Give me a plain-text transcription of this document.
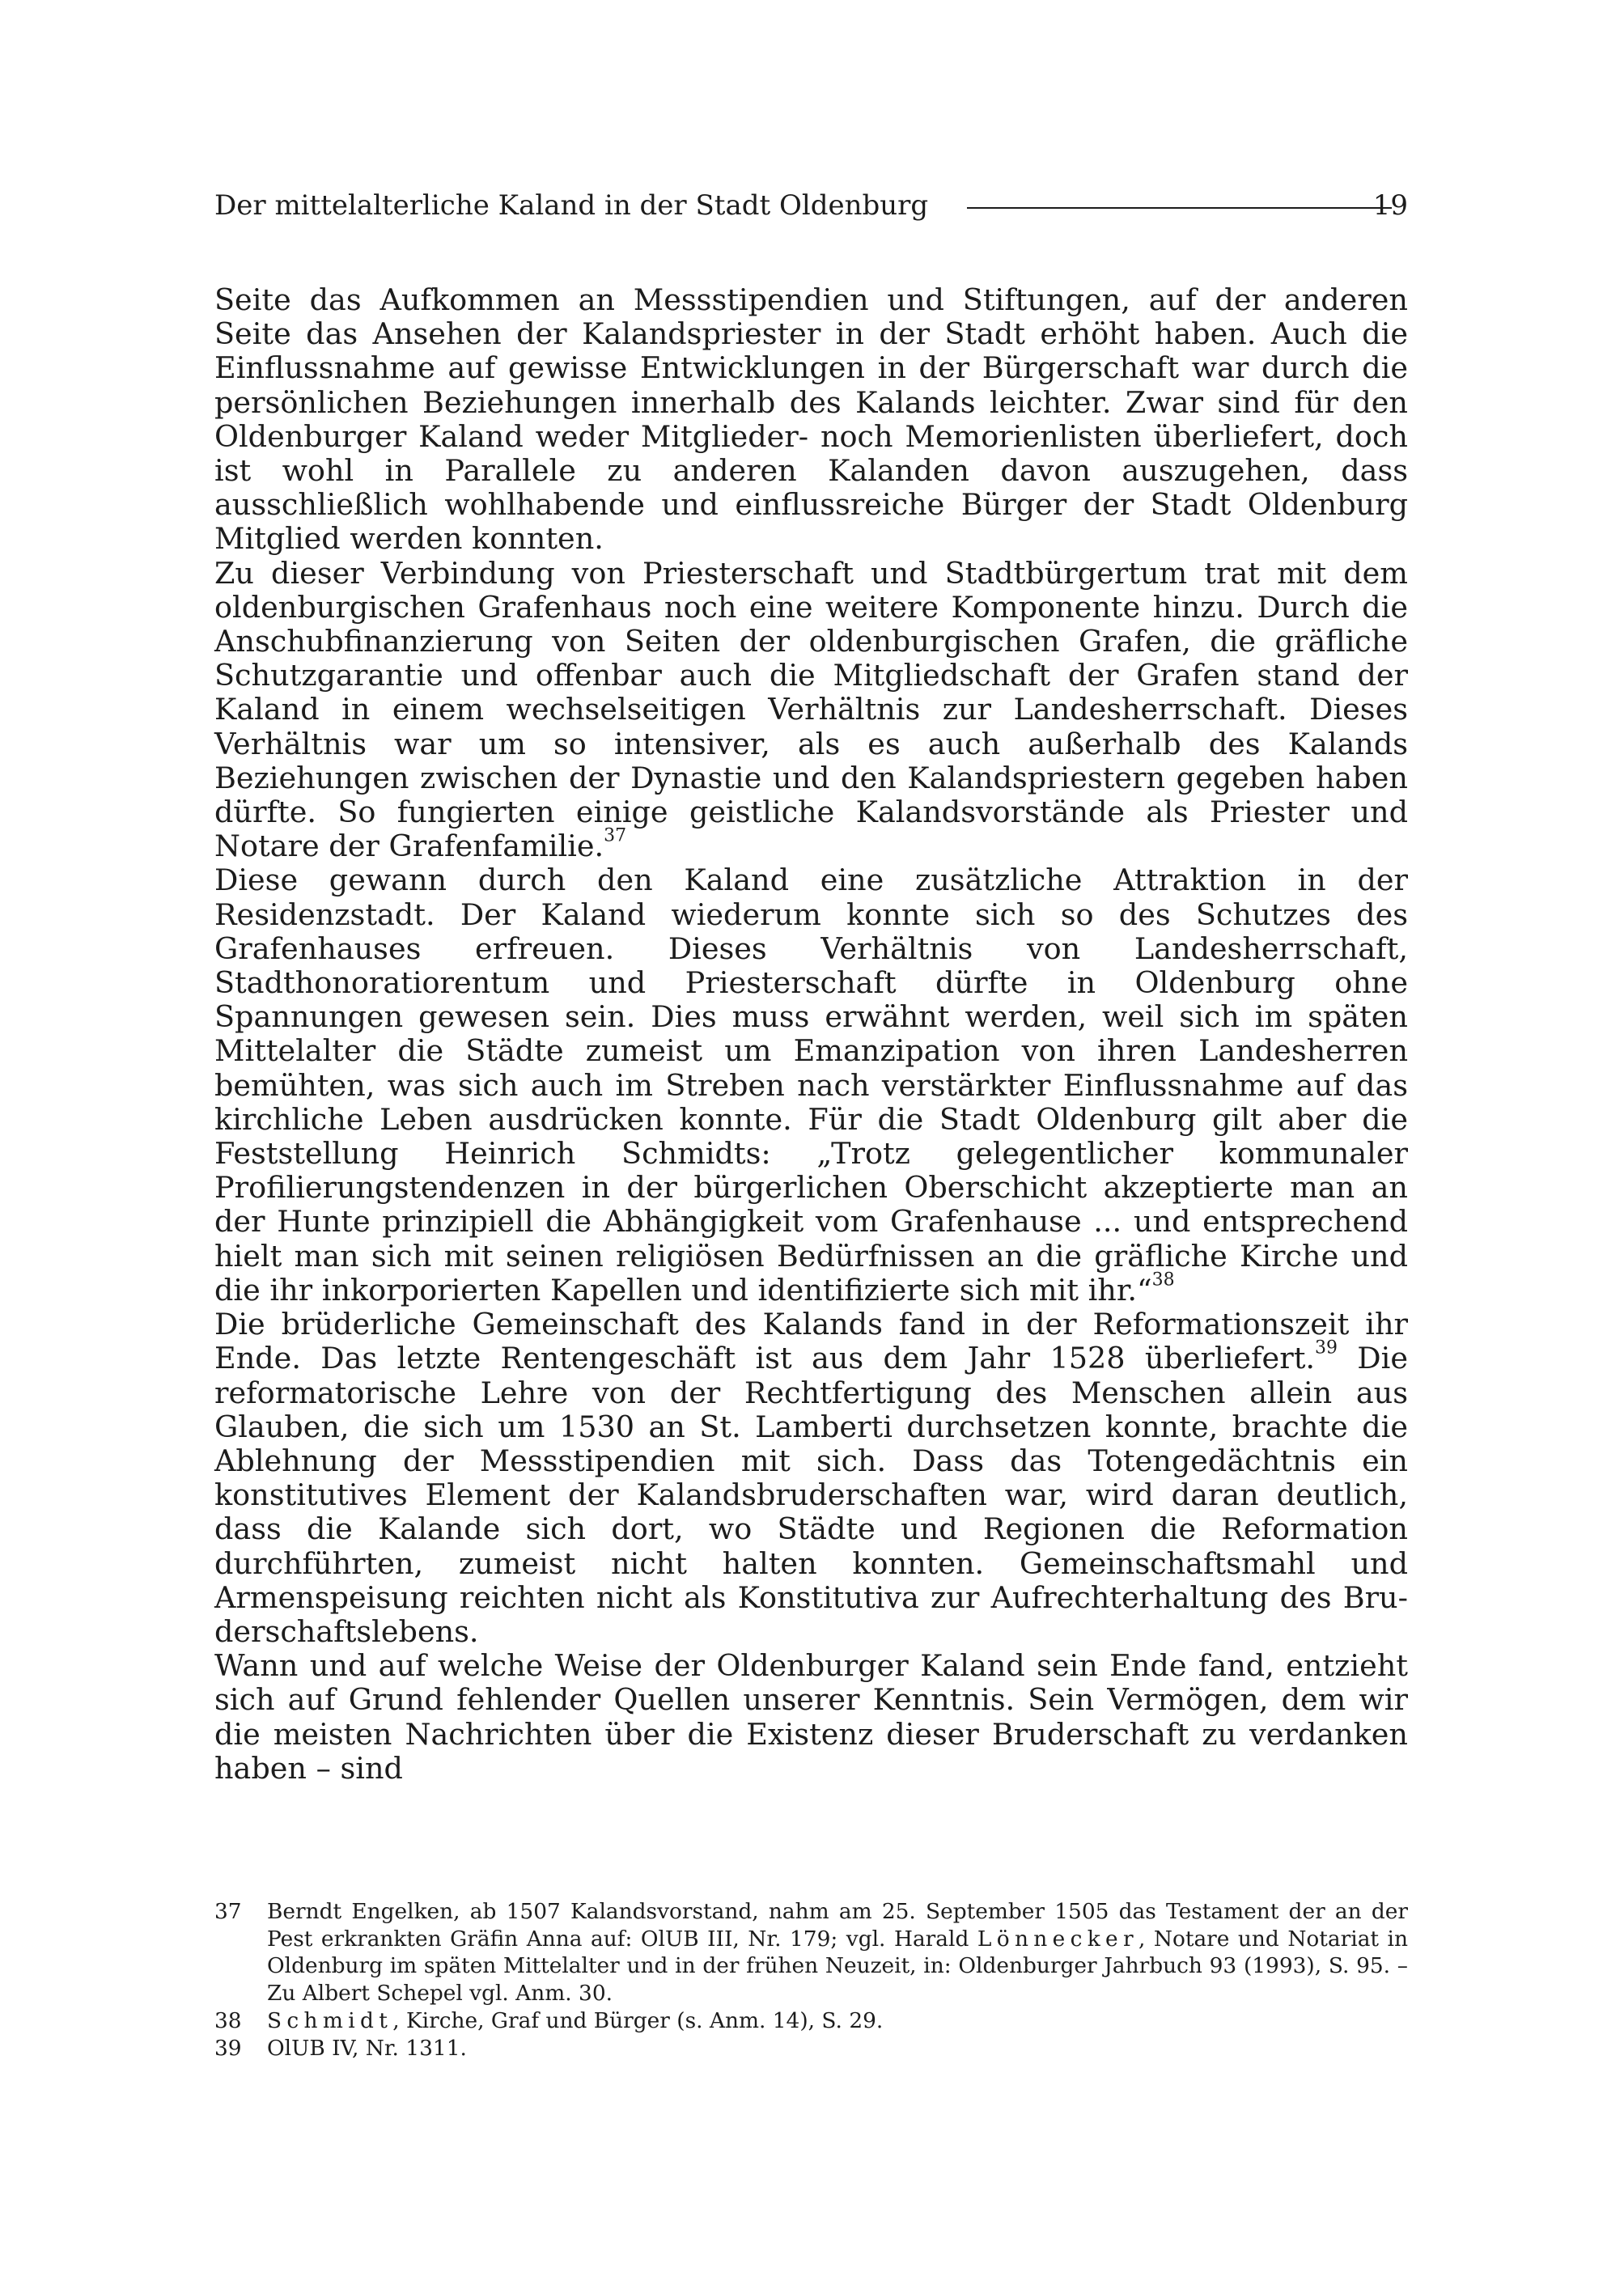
Der mittelalterliche Kaland in der Stadt Oldenburg	19

Seite das Aufkommen an Messstipendien und Stiftungen, auf der anderen Seite das Ansehen der Kalandspriester in der Stadt erhöht haben. Auch die Einflussnahme auf gewisse Entwicklungen in der Bürgerschaft war durch die persönlichen Beziehungen innerhalb des Kalands leichter. Zwar sind für den Oldenburger Kaland weder Mitglieder- noch Memorienlisten überliefert, doch ist wohl in Parallele zu anderen Kalanden davon auszugehen, dass ausschließlich wohlhabende und einflussreiche Bürger der Stadt Oldenburg Mitglied werden konnten.

Zu dieser Verbindung von Priesterschaft und Stadtbürgertum trat mit dem oldenburgischen Grafenhaus noch eine weitere Komponente hinzu. Durch die Anschubfinanzierung von Seiten der oldenburgischen Grafen, die gräfliche Schutzgarantie und offenbar auch die Mitgliedschaft der Grafen stand der Kaland in einem wechselseitigen Verhältnis zur Landesherrschaft. Dieses Verhältnis war um so intensiver, als es auch außerhalb des Kalands Beziehungen zwischen der Dynastie und den Kalandspriestern gegeben haben dürfte. So fungierten einige geistliche Kalandsvorstände als Priester und Notare der Grafenfamilie.$^{37}$

Diese gewann durch den Kaland eine zusätzliche Attraktion in der Residenzstadt. Der Kaland wiederum konnte sich so des Schutzes des Grafenhauses erfreuen. Dieses Verhältnis von Landesherrschaft, Stadthonoratiorentum und Priesterschaft dürfte in Oldenburg ohne Spannungen gewesen sein. Dies muss erwähnt werden, weil sich im späten Mittelalter die Städte zumeist um Emanzipation von ihren Landesherren bemühten, was sich auch im Streben nach verstärkter Einflussnahme auf das kirchliche Leben ausdrücken konnte. Für die Stadt Oldenburg gilt aber die Feststellung Heinrich Schmidts: „Trotz gelegentlicher kommunaler Profilierungstendenzen in der bürgerlichen Oberschicht akzeptierte man an der Hunte prinzipiell die Abhängigkeit vom Grafenhause ... und entsprechend hielt man sich mit seinen religiösen Bedürfnissen an die gräfliche Kirche und die ihr inkorporierten Kapellen und identifizierte sich mit ihr.“$^{38}$

Die brüderliche Gemeinschaft des Kalands fand in der Reformationszeit ihr Ende. Das letzte Rentengeschäft ist aus dem Jahr 1528 überliefert.$^{39}$ Die reformatorische Lehre von der Rechtfertigung des Menschen allein aus Glauben, die sich um 1530 an St. Lamberti durchsetzen konnte, brachte die Ablehnung der Messstipendien mit sich. Dass das Totengedächtnis ein konstitutives Element der Kalandsbruderschaften war, wird daran deutlich, dass die Kalande sich dort, wo Städte und Regionen die Reformation durchführten, zumeist nicht halten konnten. Gemeinschaftsmahl und Armenspeisung reichten nicht als Konstitutiva zur Aufrechterhaltung des Bruderschaftslebens.

Wann und auf welche Weise der Oldenburger Kaland sein Ende fand, entzieht sich auf Grund fehlender Quellen unserer Kenntnis. Sein Vermögen, dem wir die meisten Nachrichten über die Existenz dieser Bruderschaft zu verdanken haben – sind

37	Berndt Engelken, ab 1507 Kalandsvorstand, nahm am 25. September 1505 das Testament der an der Pest erkrankten Gräfin Anna auf: OlUB III, Nr. 179; vgl. Harald Lönnecker, Notare und Notariat in Oldenburg im späten Mittelalter und in der frühen Neuzeit, in: Oldenburger Jahrbuch 93 (1993), S. 95. – Zu Albert Schepel vgl. Anm. 30.
38	Schmidt, Kirche, Graf und Bürger (s. Anm. 14), S. 29.
39	OlUB IV, Nr. 1311.
